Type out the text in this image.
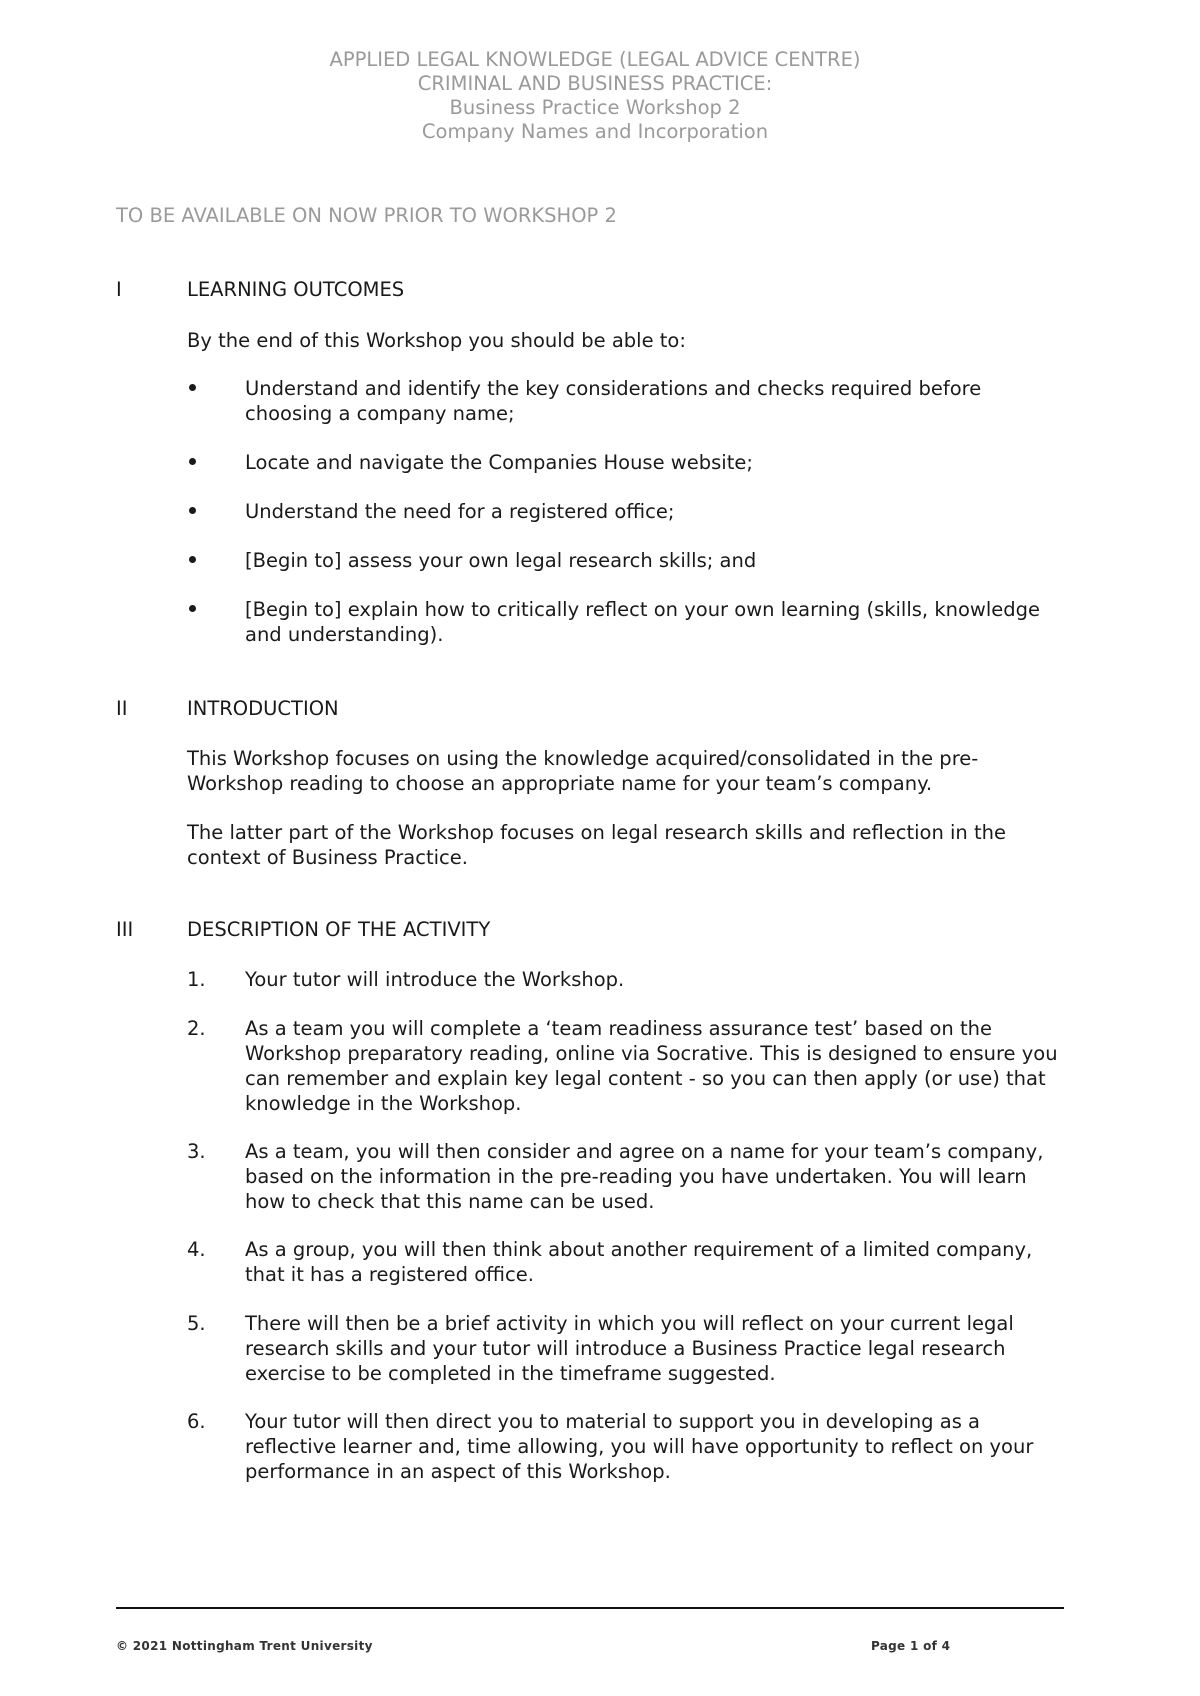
APPLIED LEGAL KNOWLEDGE (LEGAL ADVICE CENTRE)
CRIMINAL AND BUSINESS PRACTICE:
Business Practice Workshop 2
Company Names and Incorporation
TO BE AVAILABLE ON NOW PRIOR TO WORKSHOP 2
I	LEARNING OUTCOMES
By the end of this Workshop you should be able to:
Understand and identify the key considerations and checks required before choosing a company name;
Locate and navigate the Companies House website;
Understand the need for a registered office;
[Begin to] assess your own legal research skills; and
[Begin to] explain how to critically reflect on your own learning (skills, knowledge and understanding).
II	INTRODUCTION
This Workshop focuses on using the knowledge acquired/consolidated in the pre-Workshop reading to choose an appropriate name for your team’s company.
The latter part of the Workshop focuses on legal research skills and reflection in the context of Business Practice.
III	DESCRIPTION OF THE ACTIVITY
1. Your tutor will introduce the Workshop.
2. As a team you will complete a ‘team readiness assurance test’ based on the Workshop preparatory reading, online via Socrative. This is designed to ensure you can remember and explain key legal content - so you can then apply (or use) that knowledge in the Workshop.
3. As a team, you will then consider and agree on a name for your team’s company, based on the information in the pre-reading you have undertaken. You will learn how to check that this name can be used.
4. As a group, you will then think about another requirement of a limited company, that it has a registered office.
5. There will then be a brief activity in which you will reflect on your current legal research skills and your tutor will introduce a Business Practice legal research exercise to be completed in the timeframe suggested.
6. Your tutor will then direct you to material to support you in developing as a reflective learner and, time allowing, you will have opportunity to reflect on your performance in an aspect of this Workshop.
© 2021 Nottingham Trent University	Page 1 of 4
